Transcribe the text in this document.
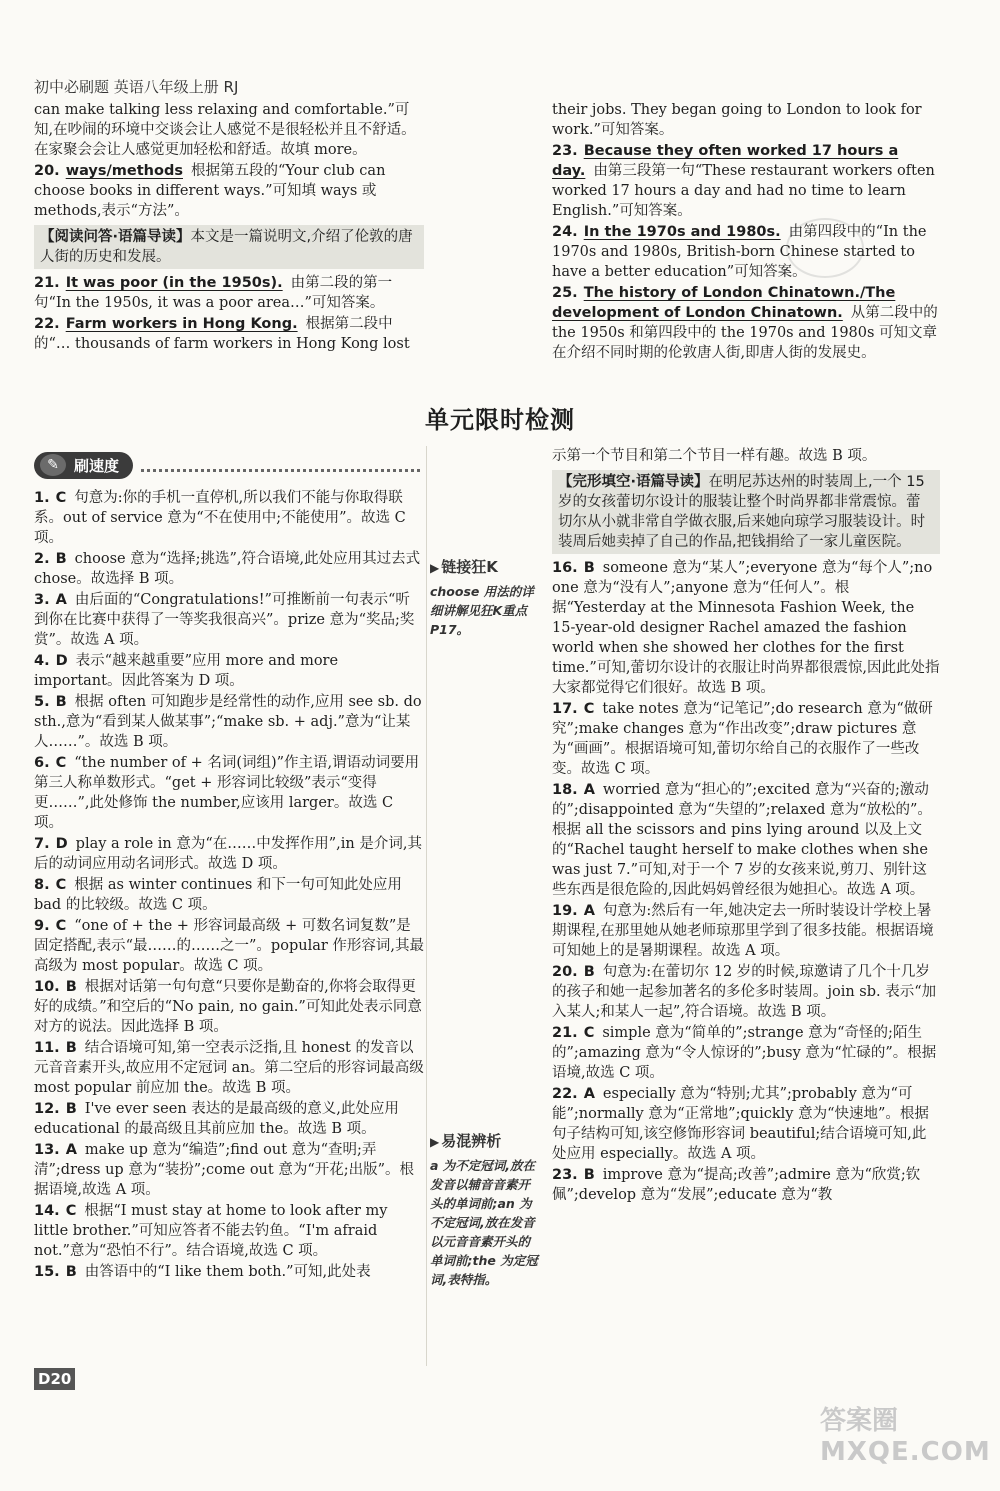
初中必刷题 英语八年级上册 RJ
can make talking less relaxing and comfortable.”可知,在吵闹的环境中交谈会让人感觉不是很轻松并且不舒适。在家聚会会让人感觉更加轻松和舒适。故填 more。
20. ways/methods 根据第五段的“Your club can choose books in different ways.”可知填 ways 或 methods,表示“方法”。
【阅读问答·语篇导读】本文是一篇说明文,介绍了伦敦的唐人街的历史和发展。
21. It was poor (in the 1950s). 由第二段的第一句“In the 1950s, it was a poor area…”可知答案。
22. Farm workers in Hong Kong. 根据第二段中的“… thousands of farm workers in Hong Kong lost
their jobs. They began going to London to look for work.”可知答案。
23. Because they often worked 17 hours a day. 由第三段第一句“These restaurant workers often worked 17 hours a day and had no time to learn English.”可知答案。
24. In the 1970s and 1980s. 由第四段中的“In the 1970s and 1980s, British-born Chinese started to have a better education”可知答案。
25. The history of London Chinatown./The development of London Chinatown. 从第二段中的 the 1950s 和第四段中的 the 1970s and 1980s 可知文章在介绍不同时期的伦敦唐人街,即唐人街的发展史。
单元限时检测
✎	刷速度
1. C 句意为:你的手机一直停机,所以我们不能与你取得联系。out of service 意为“不在使用中;不能使用”。故选 C 项。
2. B choose 意为“选择;挑选”,符合语境,此处应用其过去式 chose。故选择 B 项。
3. A 由后面的“Congratulations!”可推断前一句表示“听到你在比赛中获得了一等奖我很高兴”。prize 意为“奖品;奖赏”。故选 A 项。
4. D 表示“越来越重要”应用 more and more important。因此答案为 D 项。
5. B 根据 often 可知跑步是经常性的动作,应用 see sb. do sth.,意为“看到某人做某事”;“make sb. + adj.”意为“让某人……”。故选 B 项。
6. C “the number of + 名词(词组)”作主语,谓语动词要用第三人称单数形式。“get + 形容词比较级”表示“变得更……”,此处修饰 the number,应该用 larger。故选 C 项。
7. D play a role in 意为“在……中发挥作用”,in 是介词,其后的动词应用动名词形式。故选 D 项。
8. C 根据 as winter continues 和下一句可知此处应用 bad 的比较级。故选 C 项。
9. C “one of + the + 形容词最高级 + 可数名词复数”是固定搭配,表示“最……的……之一”。popular 作形容词,其最高级为 most popular。故选 C 项。
10. B 根据对话第一句句意“只要你是勤奋的,你将会取得更好的成绩。”和空后的“No pain, no gain.”可知此处表示同意对方的说法。因此选择 B 项。
11. B 结合语境可知,第一空表示泛指,且 honest 的发音以元音音素开头,故应用不定冠词 an。第二空后的形容词最高级 most popular 前应加 the。故选 B 项。
12. B I've ever seen 表达的是最高级的意义,此处应用 educational 的最高级且其前应加 the。故选 B 项。
13. A make up 意为“编造”;find out 意为“查明;弄清”;dress up 意为“装扮”;come out 意为“开花;出版”。根据语境,故选 A 项。
14. C 根据“I must stay at home to look after my little brother.”可知应答者不能去钓鱼。“I'm afraid not.”意为“恐怕不行”。结合语境,故选 C 项。
15. B 由答语中的“I like them both.”可知,此处表
示第一个节目和第二个节目一样有趣。故选 B 项。
【完形填空·语篇导读】在明尼苏达州的时装周上,一个 15 岁的女孩蕾切尔设计的服装让整个时尚界都非常震惊。蕾切尔从小就非常自学做衣服,后来她向琼学习服装设计。时装周后她卖掉了自己的作品,把钱捐给了一家儿童医院。
16. B someone 意为“某人”;everyone 意为“每个人”;no one 意为“没有人”;anyone 意为“任何人”。根据“Yesterday at the Minnesota Fashion Week, the 15-year-old designer Rachel amazed the fashion world when she showed her clothes for the first time.”可知,蕾切尔设计的衣服让时尚界都很震惊,因此此处指大家都觉得它们很好。故选 B 项。
17. C take notes 意为“记笔记”;do research 意为“做研究”;make changes 意为“作出改变”;draw pictures 意为“画画”。根据语境可知,蕾切尔给自己的衣服作了一些改变。故选 C 项。
18. A worried 意为“担心的”;excited 意为“兴奋的;激动的”;disappointed 意为“失望的”;relaxed 意为“放松的”。根据 all the scissors and pins lying around 以及上文的“Rachel taught herself to make clothes when she was just 7.”可知,对于一个 7 岁的女孩来说,剪刀、别针这些东西是很危险的,因此妈妈曾经很为她担心。故选 A 项。
19. A 句意为:然后有一年,她决定去一所时装设计学校上暑期课程,在那里她从她老师琼那里学到了很多技能。根据语境可知她上的是暑期课程。故选 A 项。
20. B 句意为:在蕾切尔 12 岁的时候,琼邀请了几个十几岁的孩子和她一起参加著名的多伦多时装周。join sb. 表示“加入某人;和某人一起”,符合语境。故选 B 项。
21. C simple 意为“简单的”;strange 意为“奇怪的;陌生的”;amazing 意为“令人惊讶的”;busy 意为“忙碌的”。根据语境,故选 C 项。
22. A especially 意为“特别;尤其”;probably 意为“可能”;normally 意为“正常地”;quickly 意为“快速地”。根据句子结构可知,该空修饰形容词 beautiful;结合语境可知,此处应用 especially。故选 A 项。
23. B improve 意为“提高;改善”;admire 意为“欣赏;钦佩”;develop 意为“发展”;educate 意为“教
▶ 链接狂K
choose 用法的详细讲解见狂K重点P17。
▶ 易混辨析
a 为不定冠词,放在发音以辅音音素开头的单词前;an 为不定冠词,放在发音以元音音素开头的单词前;the 为定冠词,表特指。
D20
答案圈
MXQE.COM
